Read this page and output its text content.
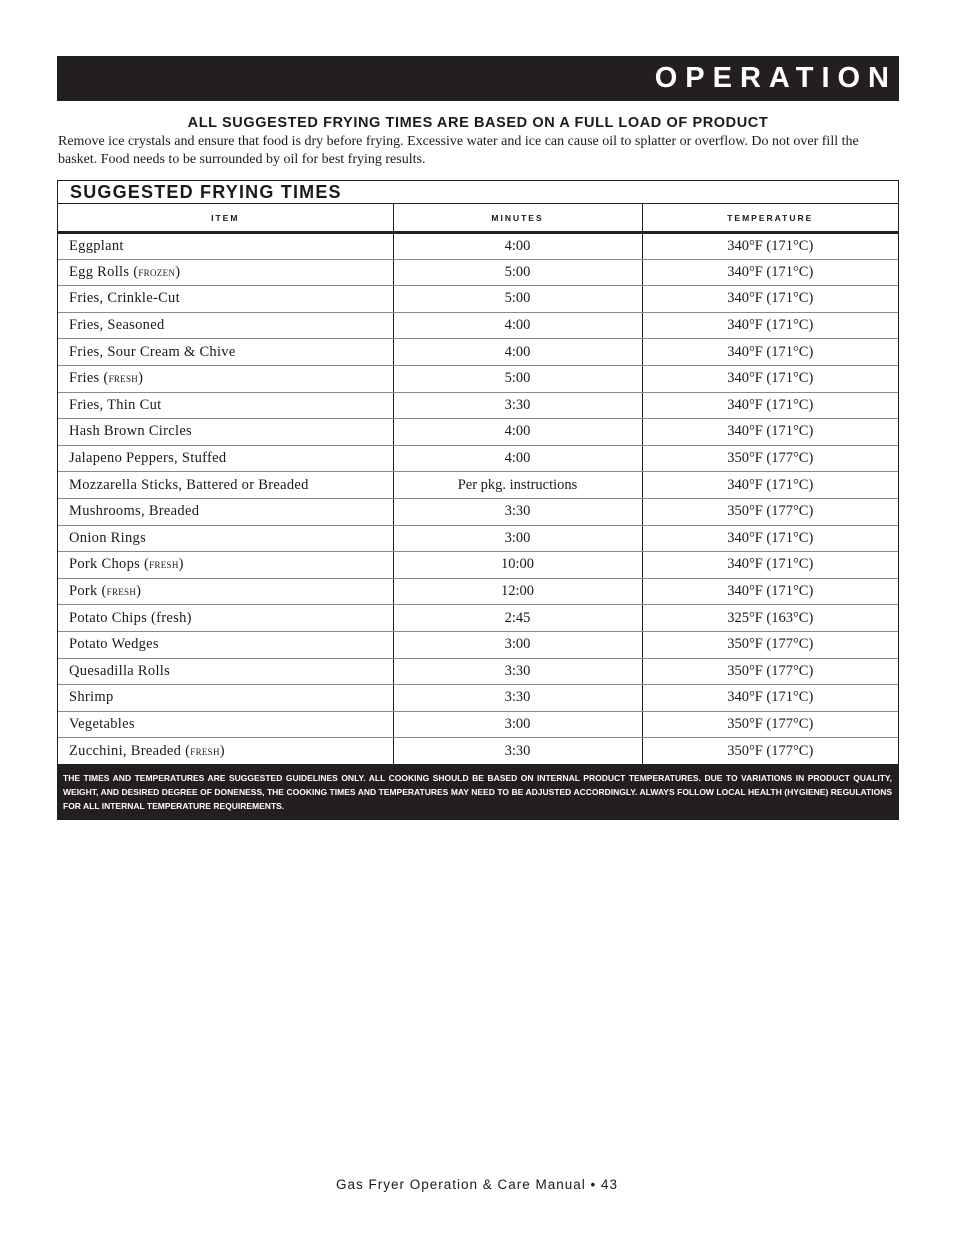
OPERATION
ALL SUGGESTED FRYING TIMES ARE BASED ON A FULL LOAD OF PRODUCT
Remove ice crystals and ensure that food is dry before frying. Excessive water and ice can cause oil to splatter or overflow. Do not over fill the basket. Food needs to be surrounded by oil for best frying results.
SUGGESTED FRYING TIMES
ITEM	MINUTES	TEMPERATURE
Eggplant	4:00	340°F (171°C)
Egg Rolls (frozen)	5:00	340°F (171°C)
Fries, Crinkle-Cut	5:00	340°F (171°C)
Fries, Seasoned	4:00	340°F (171°C)
Fries, Sour Cream & Chive	4:00	340°F (171°C)
Fries (fresh)	5:00	340°F (171°C)
Fries, Thin Cut	3:30	340°F (171°C)
Hash Brown Circles	4:00	340°F (171°C)
Jalapeno Peppers, Stuffed	4:00	350°F (177°C)
Mozzarella Sticks, Battered or Breaded	Per pkg. instructions	340°F (171°C)
Mushrooms, Breaded	3:30	350°F (177°C)
Onion Rings	3:00	340°F (171°C)
Pork Chops (fresh)	10:00	340°F (171°C)
Pork (fresh)	12:00	340°F (171°C)
Potato Chips (fresh)	2:45	325°F (163°C)
Potato Wedges	3:00	350°F (177°C)
Quesadilla Rolls	3:30	350°F (177°C)
Shrimp	3:30	340°F (171°C)
Vegetables	3:00	350°F (177°C)
Zucchini, Breaded (fresh)	3:30	350°F (177°C)
THE TIMES AND TEMPERATURES ARE SUGGESTED GUIDELINES ONLY. ALL COOKING SHOULD BE BASED ON INTERNAL PRODUCT TEMPERATURES. DUE TO VARIATIONS IN PRODUCT QUALITY, WEIGHT, AND DESIRED DEGREE OF DONENESS, THE COOKING TIMES AND TEMPERATURES MAY NEED TO BE ADJUSTED ACCORDINGLY. ALWAYS FOLLOW LOCAL HEALTH (HYGIENE) REGULATIONS FOR ALL INTERNAL TEMPERATURE REQUIREMENTS.
Gas Fryer Operation & Care Manual • 43
